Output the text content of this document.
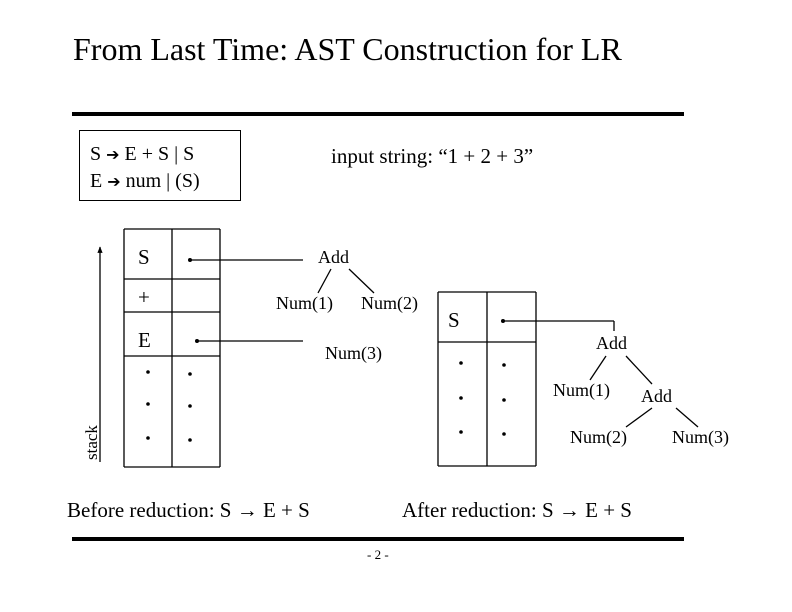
From Last Time: AST Construction for LR
S ➔ E + S | S
E ➔ num | (S)
input string: “1 + 2 + 3”
stack
S
+
E
Add
Num(1) Num(2)
Num(3)
S
Add
Num(1) Add
Num(2)	Num(3)
Before reduction: S → E + S	After reduction: S → E + S
- 2 -
